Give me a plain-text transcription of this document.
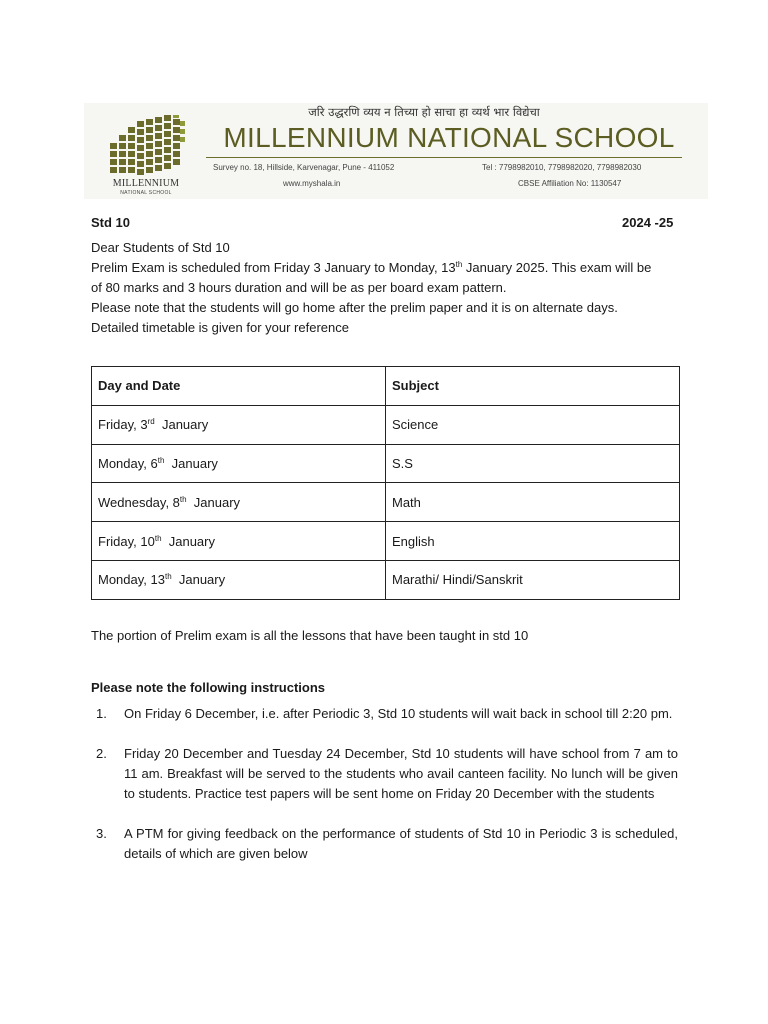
MILLENNIUM
NATIONAL SCHOOL
जरि उद्धरणि व्यय न तिच्या हो साचा हा व्यर्थ भार विद्येचा
MILLENNIUM NATIONAL SCHOOL
Survey no. 18, Hillside, Karvenagar, Pune - 411052	Tel : 7798982010, 7798982020, 7798982030
www.myshala.in	CBSE Affiliation No: 1130547
Std 10	2024 -25
Dear Students of Std 10
Prelim Exam is scheduled from Friday 3 January to Monday, 13th January 2025. This exam will be
of 80 marks and 3 hours duration and will be as per board exam pattern.
Please note that the students will go home after the prelim paper and it is on alternate days.
Detailed timetable is given for your reference
Day and Date	Subject
Friday, 3rd  January	Science
Monday, 6th  January	S.S
Wednesday, 8th  January	Math
Friday, 10th  January	English
Monday, 13th  January	Marathi/ Hindi/Sanskrit
The portion of Prelim exam is all the lessons that have been taught in std 10
Please note the following instructions
1. On Friday 6 December, i.e. after Periodic 3, Std 10 students will wait back in school till 2:20 pm.
2. Friday 20 December and Tuesday 24 December, Std 10 students will have school from 7 am to 11 am. Breakfast will be served to the students who avail canteen facility. No lunch will be given to students. Practice test papers will be sent home on Friday 20 December with the students
3. A PTM for giving feedback on the performance of students of Std 10 in Periodic 3 is scheduled, details of which are given below
